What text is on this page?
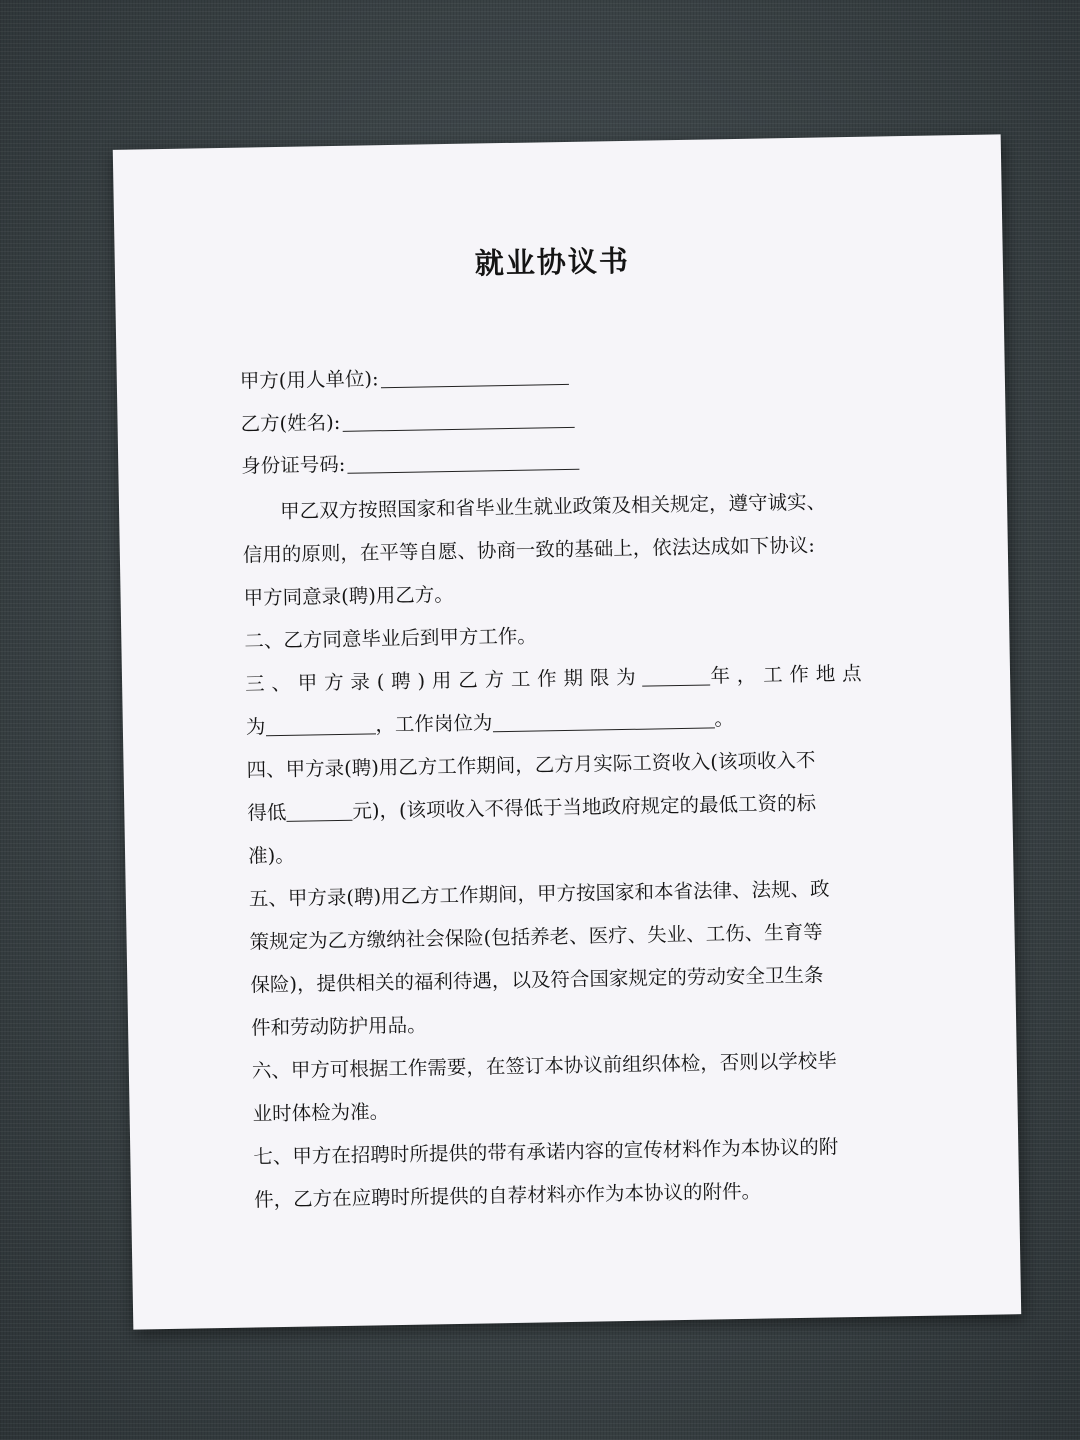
就业协议书
甲方(用人单位):
乙方(姓名):
身份证号码:
甲乙双方按照国家和省毕业生就业政策及相关规定，遵守诚实、
信用的原则，在平等自愿、协商一致的基础上，依法达成如下协议:
甲方同意录(聘)用乙方。
二、乙方同意毕业后到甲方工作。
三、甲方录(聘)用乙方工作期限为	年，工作地点
为	，工作岗位为	。
四、甲方录(聘)用乙方工作期间，乙方月实际工资收入(该项收入不
得低	元)，(该项收入不得低于当地政府规定的最低工资的标
准)。
五、甲方录(聘)用乙方工作期间，甲方按国家和本省法律、法规、政
策规定为乙方缴纳社会保险(包括养老、医疗、失业、工伤、生育等
保险)，提供相关的福利待遇，以及符合国家规定的劳动安全卫生条
件和劳动防护用品。
六、甲方可根据工作需要，在签订本协议前组织体检，否则以学校毕
业时体检为准。
七、甲方在招聘时所提供的带有承诺内容的宣传材料作为本协议的附
件，乙方在应聘时所提供的自荐材料亦作为本协议的附件。
